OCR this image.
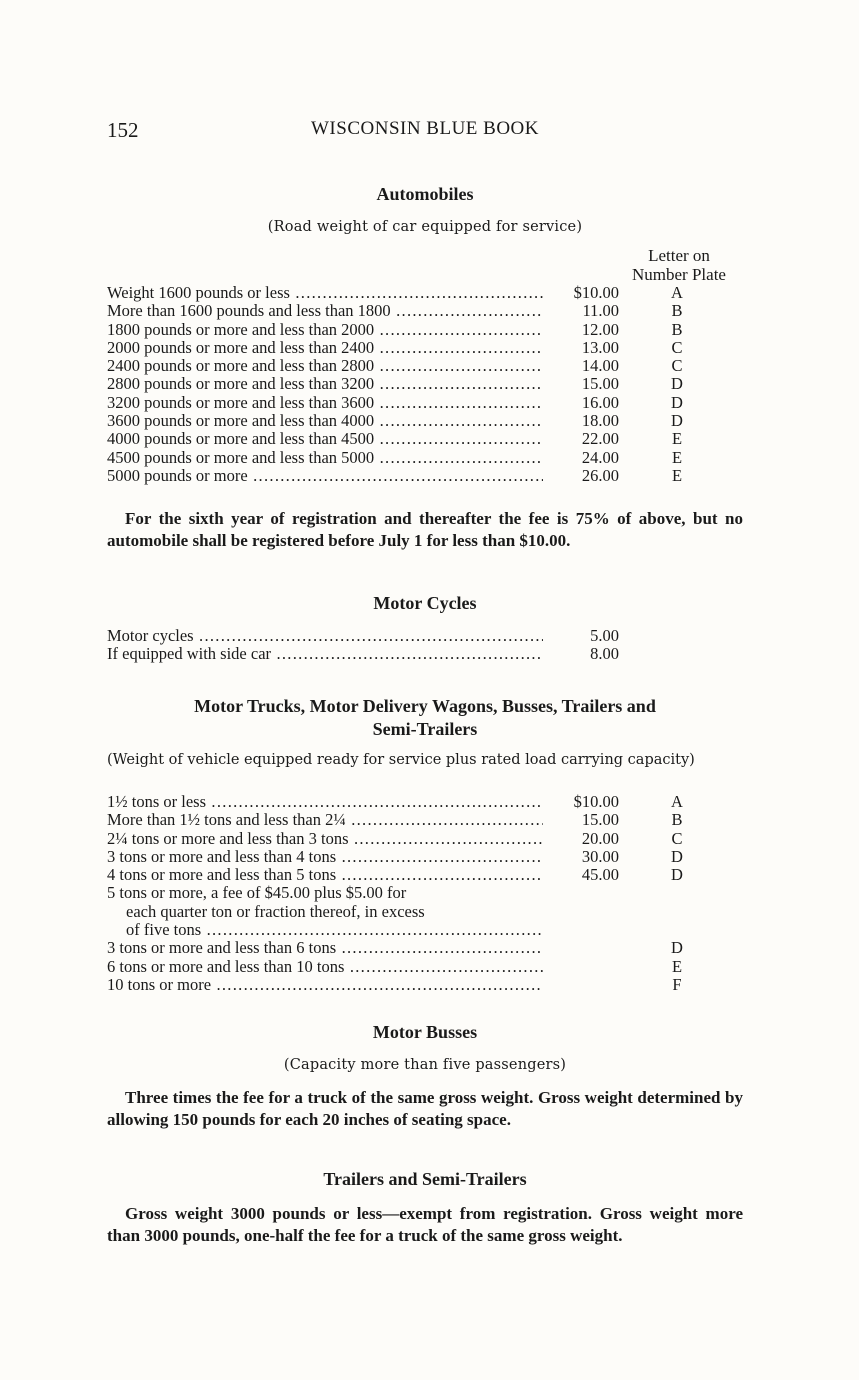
152	WISCONSIN BLUE BOOK
Automobiles
(Road weight of car equipped for service)
Letter on
Number Plate
Weight 1600 pounds or less .....	$10.00	A
More than 1600 pounds and less than 1800 .....	11.00	B
1800 pounds or more and less than 2000 .....	12.00	B
2000 pounds or more and less than 2400 .....	13.00	C
2400 pounds or more and less than 2800 .....	14.00	C
2800 pounds or more and less than 3200 .....	15.00	D
3200 pounds or more and less than 3600 .....	16.00	D
3600 pounds or more and less than 4000 .....	18.00	D
4000 pounds or more and less than 4500 .....	22.00	E
4500 pounds or more and less than 5000 .....	24.00	E
5000 pounds or more .....	26.00	E
For the sixth year of registration and thereafter the fee is 75% of above, but no automobile shall be registered before July 1 for less than $10.00.
Motor Cycles
Motor cycles .....	5.00
If equipped with side car .....	8.00
Motor Trucks, Motor Delivery Wagons, Busses, Trailers and
Semi-Trailers
(Weight of vehicle equipped ready for service plus rated load carrying capacity)
1½ tons or less .....	$10.00	A
More than 1½ tons and less than 2¼ .....	15.00	B
2¼ tons or more and less than 3 tons .....	20.00	C
3 tons or more and less than 4 tons .....	30.00	D
4 tons or more and less than 5 tons .....	45.00	D
5 tons or more, a fee of $45.00 plus $5.00 for
each quarter ton or fraction thereof, in excess
of five tons .....
3 tons or more and less than 6 tons .....	D
6 tons or more and less than 10 tons .....	E
10 tons or more .....	F
Motor Busses
(Capacity more than five passengers)
Three times the fee for a truck of the same gross weight. Gross weight determined by allowing 150 pounds for each 20 inches of seating space.
Trailers and Semi-Trailers
Gross weight 3000 pounds or less—exempt from registration. Gross weight more than 3000 pounds, one-half the fee for a truck of the same gross weight.
